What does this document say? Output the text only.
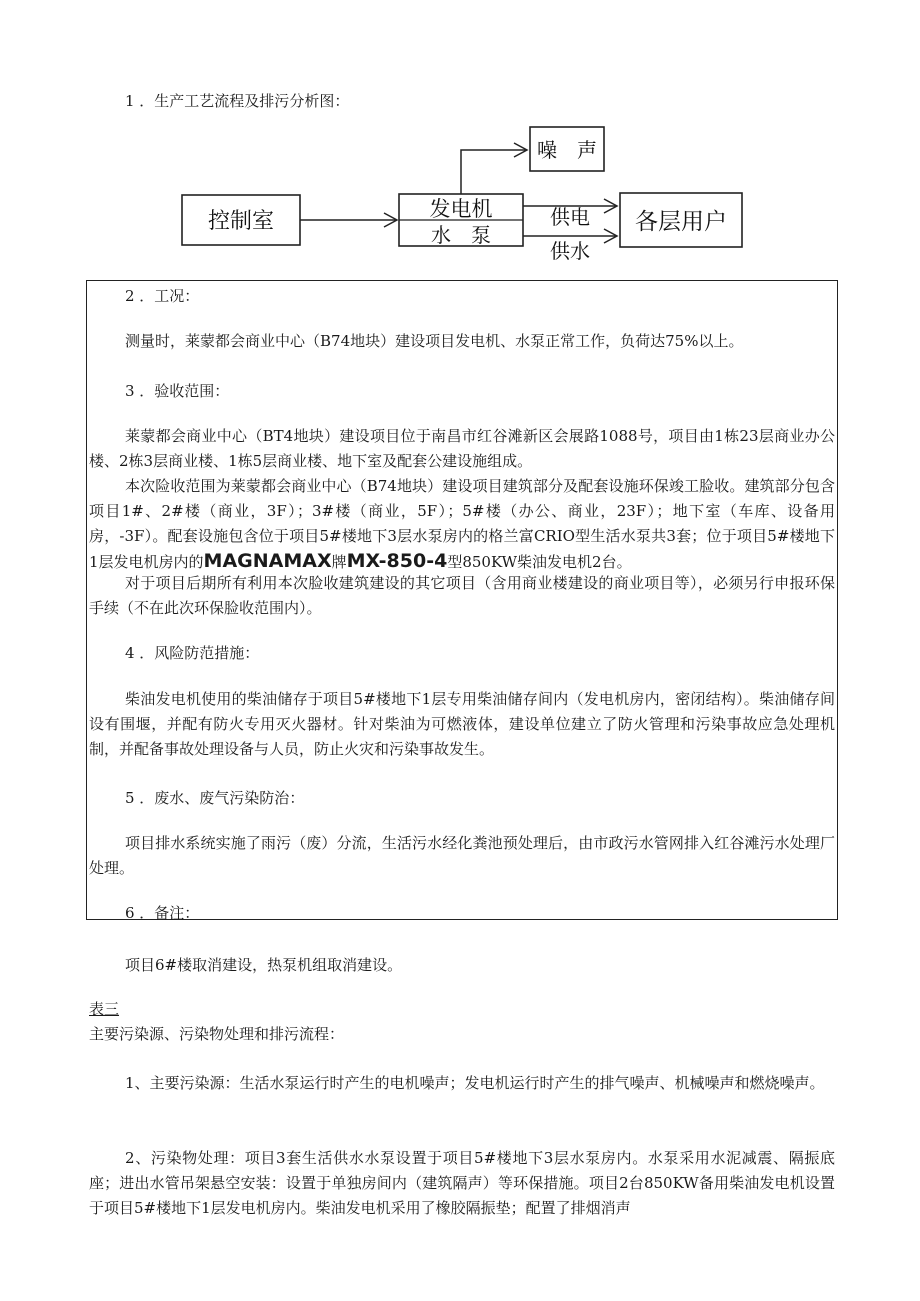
1 ．生产工艺流程及排污分析图：
控制室	发电机
水　泵
噪　声
供电
供水
各层用户
2 ．工况：
测量时，莱蒙都会商业中心（B74地块）建设项目发电机、水泵正常工作，负荷达75%以上。
3 ．验收范围：
莱蒙都会商业中心（BT4地块）建设项目位于南昌市红谷滩新区会展路1088号，项目由1栋23层商业办公楼、2栋3层商业楼、1栋5层商业楼、地下室及配套公建设施组成。
本次险收范围为莱蒙都会商业中心（B74地块）建设项目建筑部分及配套设施环保竣工脸收。建筑部分包含项目1#、2#楼（商业，3F）；3#楼（商业，5F）；5#楼（办公、商业，23F）；地下室（车库、设备用房，-3F）。配套设施包含位于项目5#楼地下3层水泵房内的格兰富CRIO型生活水泵共3套；位于项目5#楼地下1层发电机房内的MAGNAMAX牌MX-850-4型850KW柴油发电机2台。
对于项目后期所有利用本次脸收建筑建设的其它项目（含用商业楼建设的商业项目等），必须另行申报环保手续（不在此次环保脸收范围内）。
4 ．风险防范措施：
柴油发电机使用的柴油储存于项目5#楼地下1层专用柴油储存间内（发电机房内，密闭结构）。柴油储存间设有围堰，并配有防火专用灭火器材。针对柴油为可燃液体，建设单位建立了防火管理和污染事故应急处理机制，并配备事故处理设备与人员，防止火灾和污染事故发生。
5 ．废水、废气污染防治：
项目排水系统实施了雨污（废）分流，生活污水经化粪池预处理后，由市政污水管网排入红谷滩污水处理厂处理。
6 ．备注：
项目6#楼取消建设，热泵机组取消建设。
表三
主要污染源、污染物处理和排污流程：
1、主要污染源：生活水泵运行时产生的电机噪声；发电机运行时产生的排气噪声、机械噪声和燃烧噪声。
2、污染物处理：项目3套生活供水水泵设置于项目5#楼地下3层水泵房内。水泵采用水泥减震、隔振底座；进出水管吊架悬空安装：设置于单独房间内（建筑隔声）等环保措施。项目2台850KW备用柴油发电机设置于项目5#楼地下1层发电机房内。柴油发电机采用了橡胶隔振垫；配置了排烟消声
